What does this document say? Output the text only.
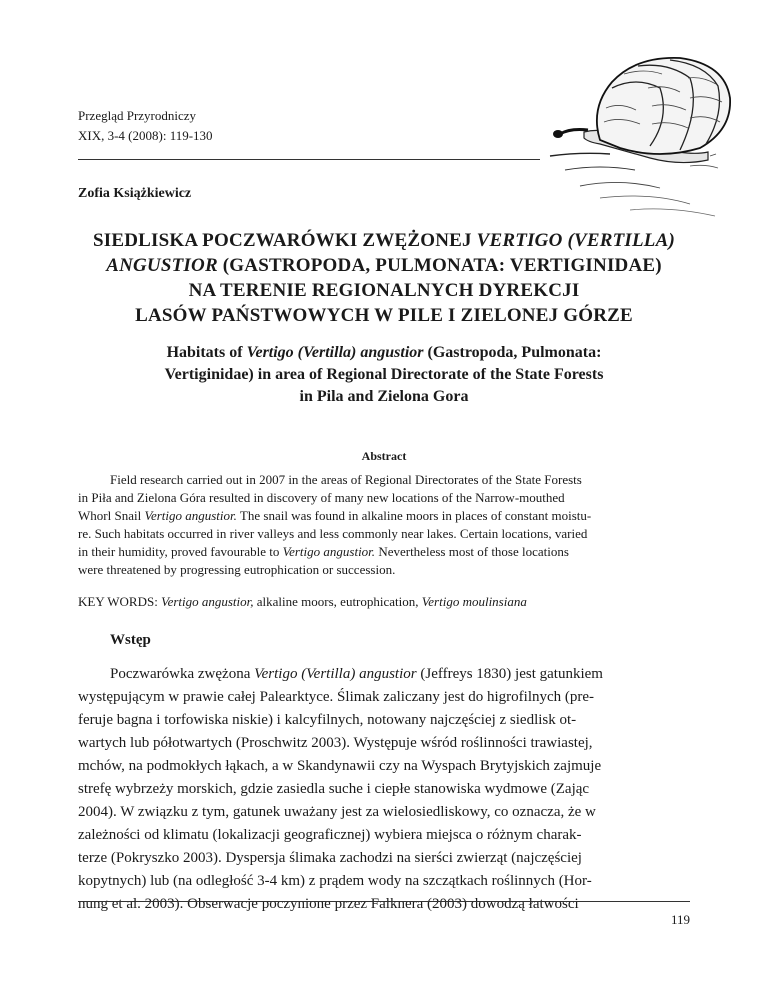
Przegląd Przyrodniczy
XIX, 3-4 (2008): 119-130
Zofia Książkiewicz
SIEDLISKA POCZWARÓWKI ZWĘŻONEJ VERTIGO (VERTILLA)
ANGUSTIOR (GASTROPODA, PULMONATA: VERTIGINIDAE)
NA TERENIE REGIONALNYCH DYREKCJI
LASÓW PAŃSTWOWYCH W PILE I ZIELONEJ GÓRZE
Habitats of Vertigo (Vertilla) angustior (Gastropoda, Pulmonata:
Vertiginidae) in area of Regional Directorate of the State Forests
in Pila and Zielona Gora
Abstract
Field research carried out in 2007 in the areas of Regional Directorates of the State Forests
in Piła and Zielona Góra resulted in discovery of many new locations of the Narrow-mouthed
Whorl Snail Vertigo angustior. The snail was found in alkaline moors in places of constant moistu-
re. Such habitats occurred in river valleys and less commonly near lakes. Certain locations, varied
in their humidity, proved favourable to Vertigo angustior. Nevertheless most of those locations
were threatened by progressing eutrophication or succession.
KEY WORDS: Vertigo angustior, alkaline moors, eutrophication, Vertigo moulinsiana
Wstęp
Poczwarówka zwężona Vertigo (Vertilla) angustior (Jeffreys 1830) jest gatunkiem
występującym w prawie całej Palearktyce. Ślimak zaliczany jest do higrofilnych (pre-
feruje bagna i torfowiska niskie) i kalcyfilnych, notowany najczęściej z siedlisk ot-
wartych lub półotwartych (Proschwitz 2003). Występuje wśród roślinności trawiastej,
mchów, na podmokłych łąkach, a w Skandynawii czy na Wyspach Brytyjskich zajmuje
strefę wybrzeży morskich, gdzie zasiedla suche i ciepłe stanowiska wydmowe (Zając
2004). W związku z tym, gatunek uważany jest za wielosiedliskowy, co oznacza, że w
zależności od klimatu (lokalizacji geograficznej) wybiera miejsca o różnym charak-
terze (Pokryszko 2003). Dyspersja ślimaka zachodzi na sierści zwierząt (najczęściej
kopytnych) lub (na odległość 3-4 km) z prądem wody na szczątkach roślinnych (Hor-
nung et al. 2003). Obserwacje poczynione przez Falknera (2003) dowodzą łatwości
119
